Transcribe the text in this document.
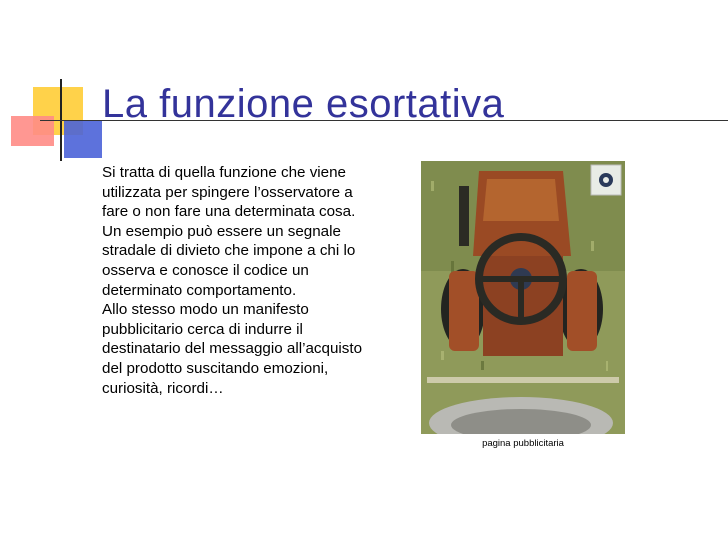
La funzione esortativa

Si tratta di quella funzione che viene utilizzata per spingere l’osservatore a fare o non fare una determinata cosa.

Un esempio può essere un segnale stradale di divieto che impone a chi lo osserva e conosce il codice un determinato comportamento.

Allo stesso modo un manifesto pubblicitario cerca di indurre il destinatario del messaggio all’acquisto del prodotto suscitando emozioni, curiosità, ricordi…

pagina pubblicitaria
